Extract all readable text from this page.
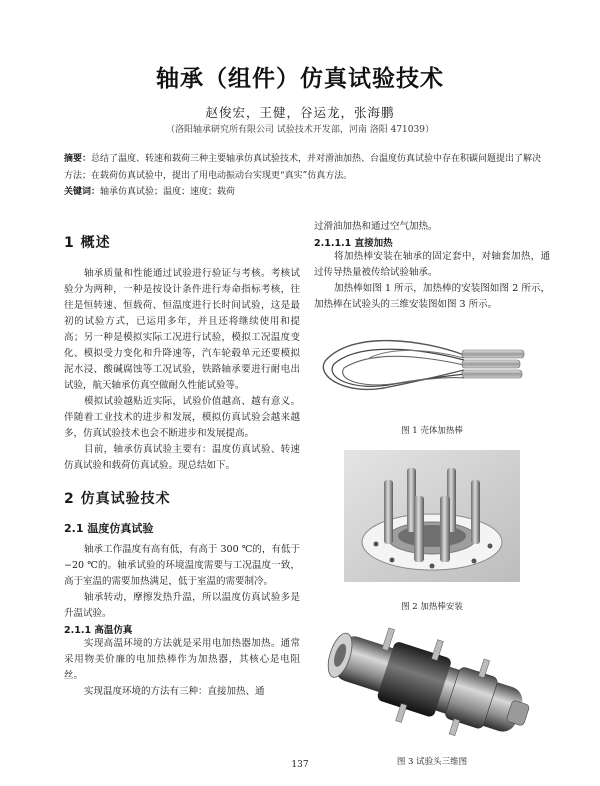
轴承（组件）仿真试验技术
赵俊宏，王健，谷运龙，张海鹏
（洛阳轴承研究所有限公司 试验技术开发部，河南 洛阳 471039）
摘要：总结了温度、转速和载荷三种主要轴承仿真试验技术，并对滑油加热、台温度仿真试验中存在积碳问题提出了解决方法；在载荷仿真试验中，提出了用电动振动台实现更“真实”仿真方法。
关键词：轴承仿真试验；温度；速度；载荷
1 概述

轴承质量和性能通过试验进行验证与考核。考核试验分为两种，一种是按设计条件进行寿命指标考核，往往是恒转速、恒载荷、恒温度进行长时间试验，这是最初的试验方式，已运用多年，并且还将继续使用和提高；另一种是模拟实际工况进行试验，模拟工况温度变化、模拟受力变化和升降速等，汽车轮毂单元还要模拟泥水浸、酸碱腐蚀等工况试验，铁路轴承要进行耐电出试验，航天轴承仿真空做耐久性能试验等。

模拟试验越贴近实际，试验价值越高、越有意义。伴随着工业技术的进步和发展，模拟仿真试验会越来越多，仿真试验技术也会不断进步和发展提高。

目前，轴承仿真试验主要有：温度仿真试验、转速仿真试验和载荷仿真试验。现总结如下。

2 仿真试验技术
2.1 温度仿真试验

轴承工作温度有高有低，有高于 300 ℃的，有低于 −20 ℃的。轴承试验的环境温度需要与工况温度一致，高于室温的需要加热满足，低于室温的需要制冷。

轴承转动，摩擦发热升温，所以温度仿真试验多是升温试验。

2.1.1 高温仿真

实现高温环境的方法就是采用电加热器加热。通常采用物美价廉的电加热棒作为加热器，其核心是电阻丝。

实现温度环境的方法有三种：直接加热、通

过滑油加热和通过空气加热。

2.1.1.1 直接加热

将加热棒安装在轴承的固定套中，对轴套加热，通过传导热量被传给试验轴承。

加热棒如图 1 所示，加热棒的安装图如图 2 所示，加热棒在试验头的三维安装图如图 3 所示。

图 1 壳体加热棒
图 2 加热棒安装
图 3 试验头三维图
137
